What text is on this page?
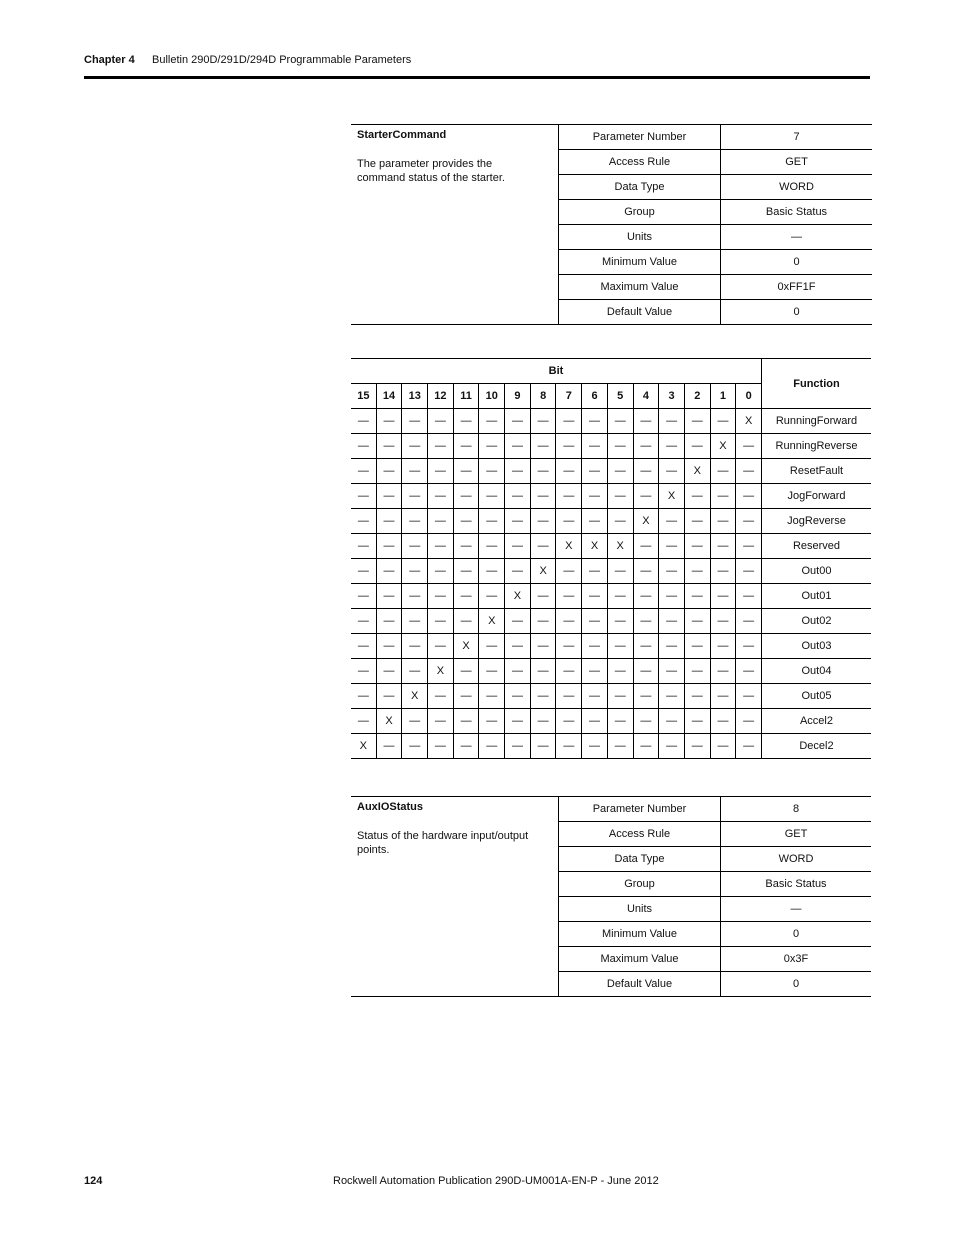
Chapter 4 Bulletin 290D/291D/294D Programmable Parameters
StarterCommand
The parameter provides the command status of the starter.	Parameter Number	7
	Access Rule	GET
	Data Type	WORD
	Group	Basic Status
	Units	—
	Minimum Value	0
	Maximum Value	0xFF1F
	Default Value	0
Bit																Function
15	14	13	12	11	10	9	8	7	6	5	4	3	2	1	0	
—	—	—	—	—	—	—	—	—	—	—	—	—	—	—	X	RunningForward
—	—	—	—	—	—	—	—	—	—	—	—	—	—	X	—	RunningReverse
—	—	—	—	—	—	—	—	—	—	—	—	—	X	—	—	ResetFault
—	—	—	—	—	—	—	—	—	—	—	—	X	—	—	—	JogForward
—	—	—	—	—	—	—	—	—	—	—	X	—	—	—	—	JogReverse
—	—	—	—	—	—	—	—	X	X	X	—	—	—	—	—	Reserved
—	—	—	—	—	—	—	X	—	—	—	—	—	—	—	—	Out00
—	—	—	—	—	—	X	—	—	—	—	—	—	—	—	—	Out01
—	—	—	—	—	X	—	—	—	—	—	—	—	—	—	—	Out02
—	—	—	—	X	—	—	—	—	—	—	—	—	—	—	—	Out03
—	—	—	X	—	—	—	—	—	—	—	—	—	—	—	—	Out04
—	—	X	—	—	—	—	—	—	—	—	—	—	—	—	—	Out05
—	X	—	—	—	—	—	—	—	—	—	—	—	—	—	—	Accel2
X	—	—	—	—	—	—	—	—	—	—	—	—	—	—	—	Decel2
AuxIOStatus
Status of the hardware input/output points.	Parameter Number	8
	Access Rule	GET
	Data Type	WORD
	Group	Basic Status
	Units	—
	Minimum Value	0
	Maximum Value	0x3F
	Default Value	0
124	Rockwell Automation Publication 290D-UM001A-EN-P - June 2012
